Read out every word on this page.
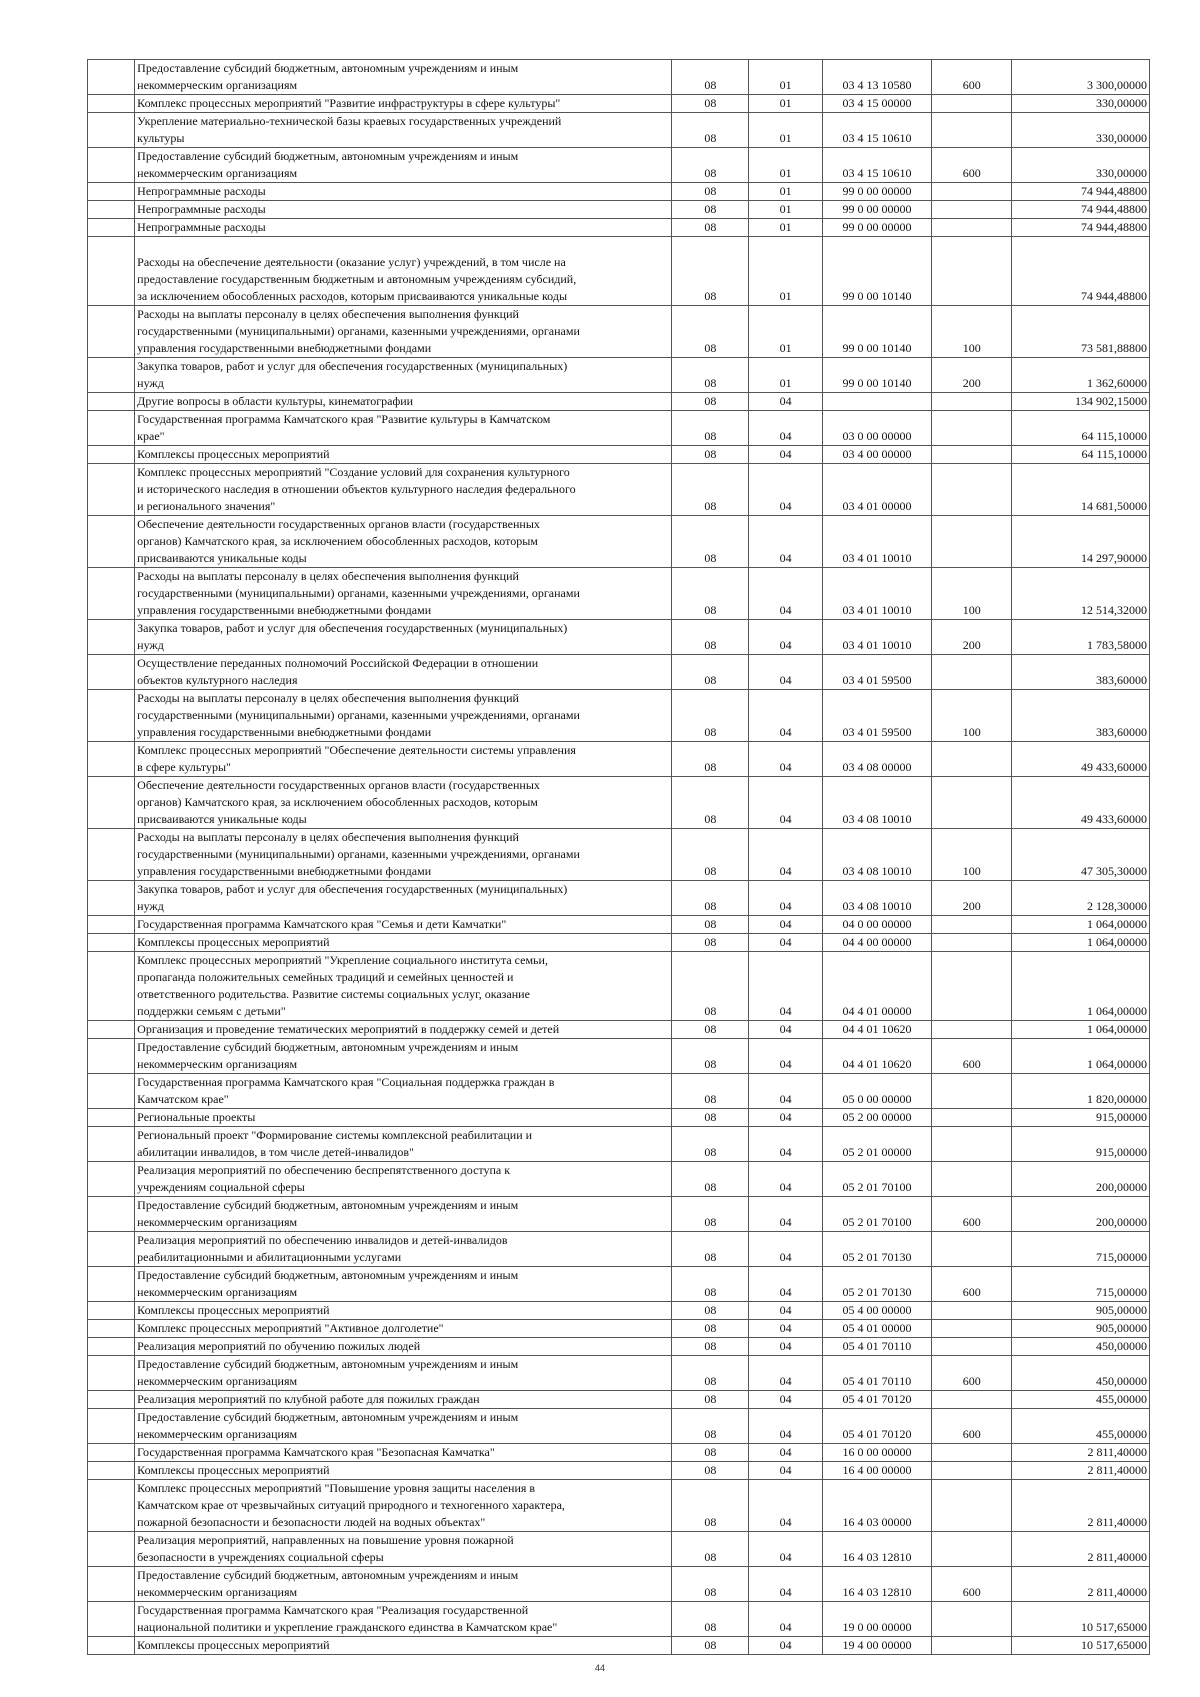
	Предоставление субсидий бюджетным, автономным учреждениям и иным
некоммерческим организациям	08	01	03 4 13 10580	600	3 300,00000

	Комплекс процессных мероприятий "Развитие инфраструктуры в сфере культуры"	08	01	03 4 15 00000		330,00000

	Укрепление материально-технической базы краевых государственных учреждений
культуры	08	01	03 4 15 10610		330,00000

	Предоставление субсидий бюджетным, автономным учреждениям и иным
некоммерческим организациям	08	01	03 4 15 10610	600	330,00000

	Непрограммные расходы	08	01	99 0 00 00000		74 944,48800

	Непрограммные расходы	08	01	99 0 00 00000		74 944,48800

	Непрограммные расходы	08	01	99 0 00 00000		74 944,48800

	Расходы на обеспечение деятельности (оказание услуг) учреждений, в том числе на
предоставление государственным бюджетным и автономным учреждениям субсидий,
за исключением обособленных расходов, которым присваиваются уникальные коды	08	01	99 0 00 10140		74 944,48800

	Расходы на выплаты персоналу в целях обеспечения выполнения функций
государственными (муниципальными) органами, казенными учреждениями, органами
управления государственными внебюджетными фондами	08	01	99 0 00 10140	100	73 581,88800

	Закупка товаров, работ и услуг для обеспечения государственных (муниципальных)
нужд	08	01	99 0 00 10140	200	1 362,60000

	Другие вопросы в области культуры, кинематографии	08	04			134 902,15000

	Государственная программа Камчатского края "Развитие культуры в Камчатском
крае"	08	04	03 0 00 00000		64 115,10000

	Комплексы процессных мероприятий	08	04	03 4 00 00000		64 115,10000

	Комплекс процессных мероприятий "Создание условий для сохранения культурного
и исторического наследия в отношении объектов культурного наследия федерального
и регионального значения"	08	04	03 4 01 00000		14 681,50000

	Обеспечение деятельности государственных органов власти (государственных
органов) Камчатского края, за исключением обособленных расходов, которым
присваиваются уникальные коды	08	04	03 4 01 10010		14 297,90000

	Расходы на выплаты персоналу в целях обеспечения выполнения функций
государственными (муниципальными) органами, казенными учреждениями, органами
управления государственными внебюджетными фондами	08	04	03 4 01 10010	100	12 514,32000

	Закупка товаров, работ и услуг для обеспечения государственных (муниципальных)
нужд	08	04	03 4 01 10010	200	1 783,58000

	Осуществление переданных полномочий Российской Федерации в отношении
объектов культурного наследия	08	04	03 4 01 59500		383,60000

	Расходы на выплаты персоналу в целях обеспечения выполнения функций
государственными (муниципальными) органами, казенными учреждениями, органами
управления государственными внебюджетными фондами	08	04	03 4 01 59500	100	383,60000

	Комплекс процессных мероприятий "Обеспечение деятельности системы управления
в сфере культуры"	08	04	03 4 08 00000		49 433,60000

	Обеспечение деятельности государственных органов власти (государственных
органов) Камчатского края, за исключением обособленных расходов, которым
присваиваются уникальные коды	08	04	03 4 08 10010		49 433,60000

	Расходы на выплаты персоналу в целях обеспечения выполнения функций
государственными (муниципальными) органами, казенными учреждениями, органами
управления государственными внебюджетными фондами	08	04	03 4 08 10010	100	47 305,30000

	Закупка товаров, работ и услуг для обеспечения государственных (муниципальных)
нужд	08	04	03 4 08 10010	200	2 128,30000

	Государственная программа Камчатского края "Семья и дети Камчатки"	08	04	04 0 00 00000		1 064,00000

	Комплексы процессных мероприятий	08	04	04 4 00 00000		1 064,00000

	Комплекс процессных мероприятий "Укрепление социального института семьи,
пропаганда положительных семейных традиций и семейных ценностей и
ответственного родительства. Развитие системы социальных услуг, оказание
поддержки семьям с детьми"	08	04	04 4 01 00000		1 064,00000

	Организация и проведение тематических мероприятий в поддержку семей и детей	08	04	04 4 01 10620		1 064,00000

	Предоставление субсидий бюджетным, автономным учреждениям и иным
некоммерческим организациям	08	04	04 4 01 10620	600	1 064,00000

	Государственная программа Камчатского края "Социальная поддержка граждан в
Камчатском крае"	08	04	05 0 00 00000		1 820,00000

	Региональные проекты	08	04	05 2 00 00000		915,00000

	Региональный проект "Формирование системы комплексной реабилитации и
абилитации инвалидов, в том числе детей-инвалидов"	08	04	05 2 01 00000		915,00000

	Реализация мероприятий по обеспечению беспрепятственного доступа к
учреждениям социальной сферы	08	04	05 2 01 70100		200,00000

	Предоставление субсидий бюджетным, автономным учреждениям и иным
некоммерческим организациям	08	04	05 2 01 70100	600	200,00000

	Реализация мероприятий по обеспечению инвалидов и детей-инвалидов
реабилитационными и абилитационными услугами	08	04	05 2 01 70130		715,00000

	Предоставление субсидий бюджетным, автономным учреждениям и иным
некоммерческим организациям	08	04	05 2 01 70130	600	715,00000

	Комплексы процессных мероприятий	08	04	05 4 00 00000		905,00000

	Комплекс процессных мероприятий "Активное долголетие"	08	04	05 4 01 00000		905,00000

	Реализация мероприятий по обучению пожилых людей	08	04	05 4 01 70110		450,00000

	Предоставление субсидий бюджетным, автономным учреждениям и иным
некоммерческим организациям	08	04	05 4 01 70110	600	450,00000

	Реализация мероприятий по клубной работе для пожилых граждан	08	04	05 4 01 70120		455,00000

	Предоставление субсидий бюджетным, автономным учреждениям и иным
некоммерческим организациям	08	04	05 4 01 70120	600	455,00000

	Государственная программа Камчатского края "Безопасная Камчатка"	08	04	16 0 00 00000		2 811,40000

	Комплексы процессных мероприятий	08	04	16 4 00 00000		2 811,40000

	Комплекс процессных мероприятий "Повышение уровня защиты населения в
Камчатском крае от чрезвычайных ситуаций природного и техногенного характера,
пожарной безопасности и безопасности людей на водных объектах"	08	04	16 4 03 00000		2 811,40000

	Реализация мероприятий, направленных на повышение уровня пожарной
безопасности в учреждениях социальной сферы	08	04	16 4 03 12810		2 811,40000

	Предоставление субсидий бюджетным, автономным учреждениям и иным
некоммерческим организациям	08	04	16 4 03 12810	600	2 811,40000

	Государственная программа Камчатского края "Реализация государственной
национальной политики и укрепление гражданского единства в Камчатском крае"	08	04	19 0 00 00000		10 517,65000

	Комплексы процессных мероприятий	08	04	19 4 00 00000		10 517,65000
44
